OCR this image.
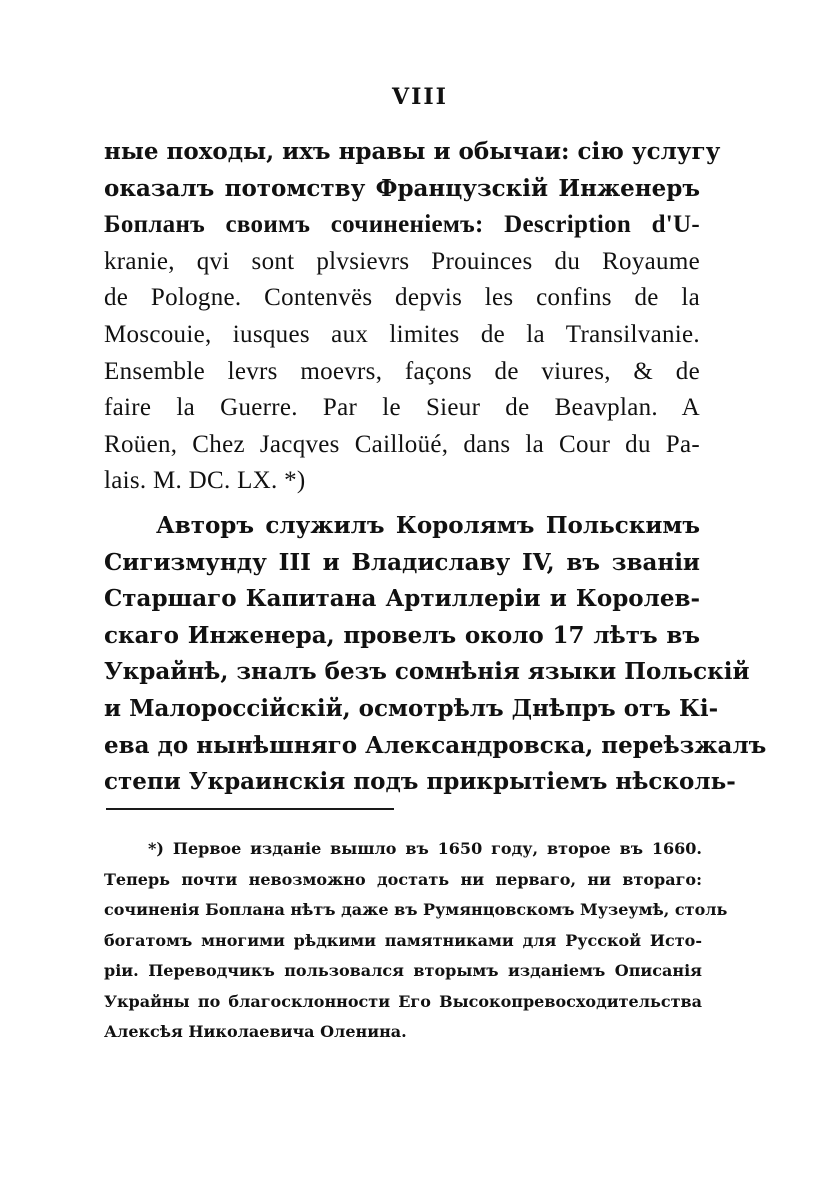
VIII
ные походы, ихъ нравы и обычаи: сію услугу
оказалъ потомству Французскій Инженеръ
Бопланъ своимъ сочиненіемъ: Description d'U-
kranie, qvi sont plvsievrs Prouinces du Royaume
de Pologne. Contenvës depvis les confins de la
Moscouie, iusques aux limites de la Transilvanie.
Ensemble levrs moevrs, façons de viures, & de
faire la Guerre. Par le Sieur de Beavplan. A
Roüen, Chez Jacqves Cailloüé, dans la Cour du Pa-
lais. M. DC. LX. *)
Авторъ служилъ Королямъ Польскимъ
Сигизмунду III и Владиславу IV, въ званіи
Старшаго Капитана Артиллеріи и Королев-
скаго Инженера, провелъ около 17 лѣтъ въ
Украйнѣ, зналъ безъ сомнѣнія языки Польскій
и Малороссійскій, осмотрѣлъ Днѣпръ отъ Кі-
ева до нынѣшняго Александровска, переѣзжалъ
степи Украинскія подъ прикрытіемъ нѣсколь-
*) Первое изданіе вышло въ 1650 году, второе въ 1660.
Теперь почти невозможно достать ни перваго, ни втораго:
сочиненія Боплана нѣтъ даже въ Румянцовскомъ Музеумѣ, столь
богатомъ многими рѣдкими памятниками для Русской Исто-
ріи. Переводчикъ пользовался вторымъ изданіемъ Описанія
Украйны по благосклонности Его Высокопревосходительства
Алексѣя Николаевича Оленина.
